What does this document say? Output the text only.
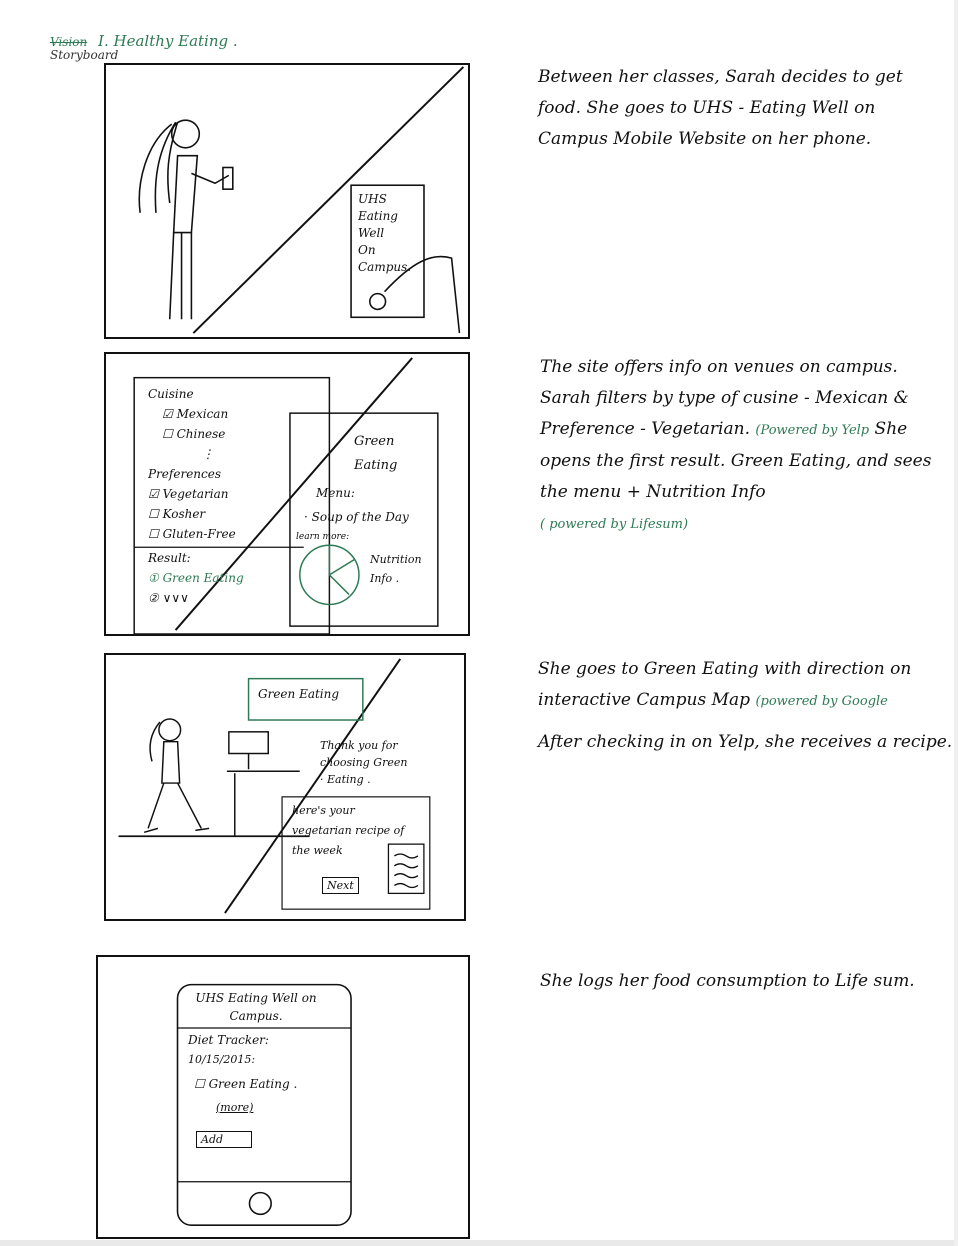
Vision I. Healthy Eating .
Storyboard
UHS
Eating
Well
On
Campus.
Between her classes, Sarah decides to get food. She goes to UHS - Eating Well on Campus Mobile Website on her phone.
Cuisine
☑ Mexican
☐ Chinese
⋮
Preferences
☑ Vegetarian
☐ Kosher
☐ Gluten-Free
Result:
① Green Eating
② ∨∨∨
Green Eating
Menu:
· Soup of the Day
learn more:
Nutrition Info .
The site offers info on venues on campus. Sarah filters by type of cusine - Mexican & Preference - Vegetarian. (Powered by Yelp She opens the first result. Green Eating, and sees the menu + Nutrition Info
( powered by Lifesum)
Green Eating
Thank you for choosing Green · Eating .
here's your vegetarian recipe of the week
Next
She goes to Green Eating with direction on interactive Campus Map (powered by Google
After checking in on Yelp, she receives a recipe.
UHS Eating Well on Campus.
Diet Tracker:
10/15/2015:
☐ Green Eating .
(more)
Add
She logs her food consumption to Life sum.
